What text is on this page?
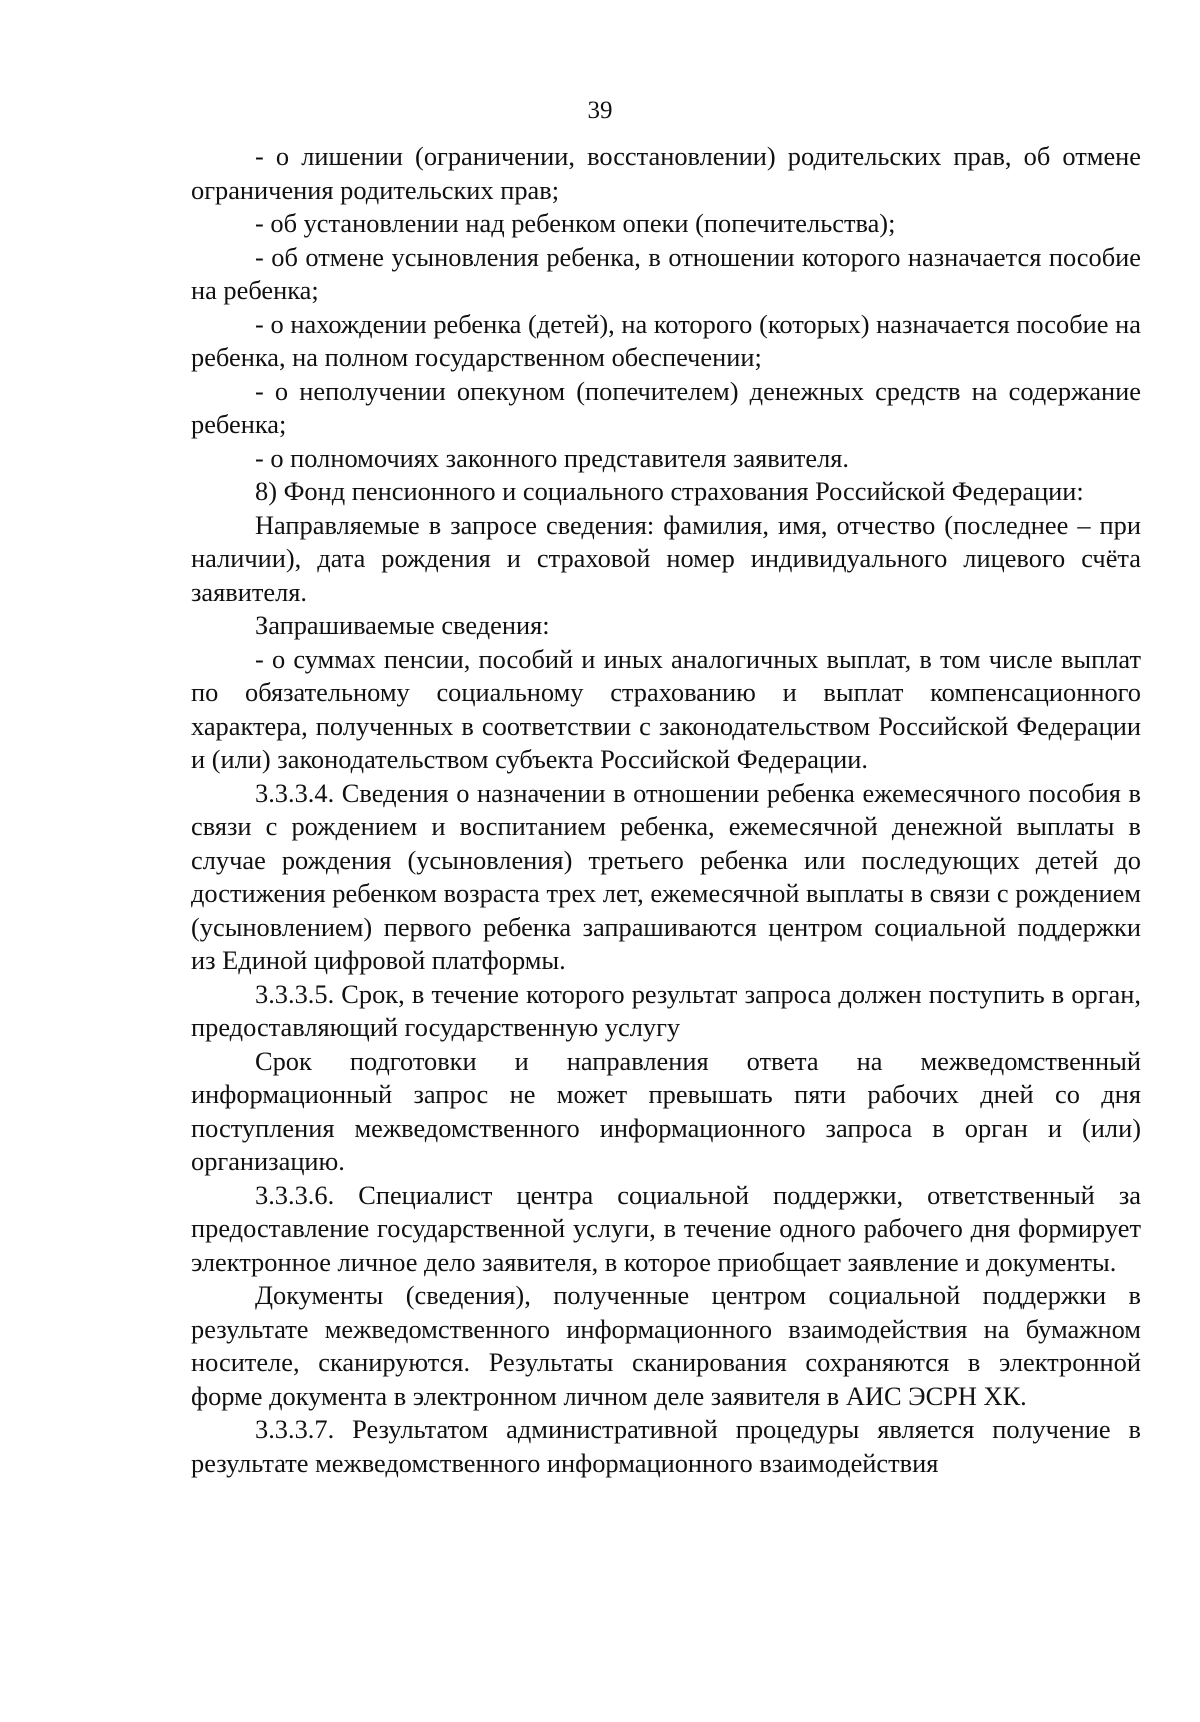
39

- о лишении (ограничении, восстановлении) родительских прав, об отмене ограничения родительских прав;

- об установлении над ребенком опеки (попечительства);

- об отмене усыновления ребенка, в отношении которого назначается пособие на ребенка;

- о нахождении ребенка (детей), на которого (которых) назначается пособие на ребенка, на полном государственном обеспечении;

- о неполучении опекуном (попечителем) денежных средств на содержание ребенка;

- о полномочиях законного представителя заявителя.

8) Фонд пенсионного и социального страхования Российской Федерации:

Направляемые в запросе сведения: фамилия, имя, отчество (последнее – при наличии), дата рождения и страховой номер индивидуального лицевого счёта заявителя.

Запрашиваемые сведения:

- о суммах пенсии, пособий и иных аналогичных выплат, в том числе выплат по обязательному социальному страхованию и выплат компенсационного характера, полученных в соответствии с законодательством Российской Федерации и (или) законодательством субъекта Российской Федерации.

3.3.3.4. Сведения о назначении в отношении ребенка ежемесячного пособия в связи с рождением и воспитанием ребенка, ежемесячной денежной выплаты в случае рождения (усыновления) третьего ребенка или последующих детей до достижения ребенком возраста трех лет, ежемесячной выплаты в связи с рождением (усыновлением) первого ребенка запрашиваются центром социальной поддержки из Единой цифровой платформы.

3.3.3.5. Срок, в течение которого результат запроса должен поступить в орган, предоставляющий государственную услугу

Срок подготовки и направления ответа на межведомственный информационный запрос не может превышать пяти рабочих дней со дня поступления межведомственного информационного запроса в орган и (или) организацию.

3.3.3.6. Специалист центра социальной поддержки, ответственный за предоставление государственной услуги, в течение одного рабочего дня формирует электронное личное дело заявителя, в которое приобщает заявление и документы.

Документы (сведения), полученные центром социальной поддержки в результате межведомственного информационного взаимодействия на бумажном носителе, сканируются. Результаты сканирования сохраняются в электронной форме документа в электронном личном деле заявителя в АИС ЭСРН ХК.

3.3.3.7. Результатом административной процедуры является получение в результате межведомственного информационного взаимодействия
